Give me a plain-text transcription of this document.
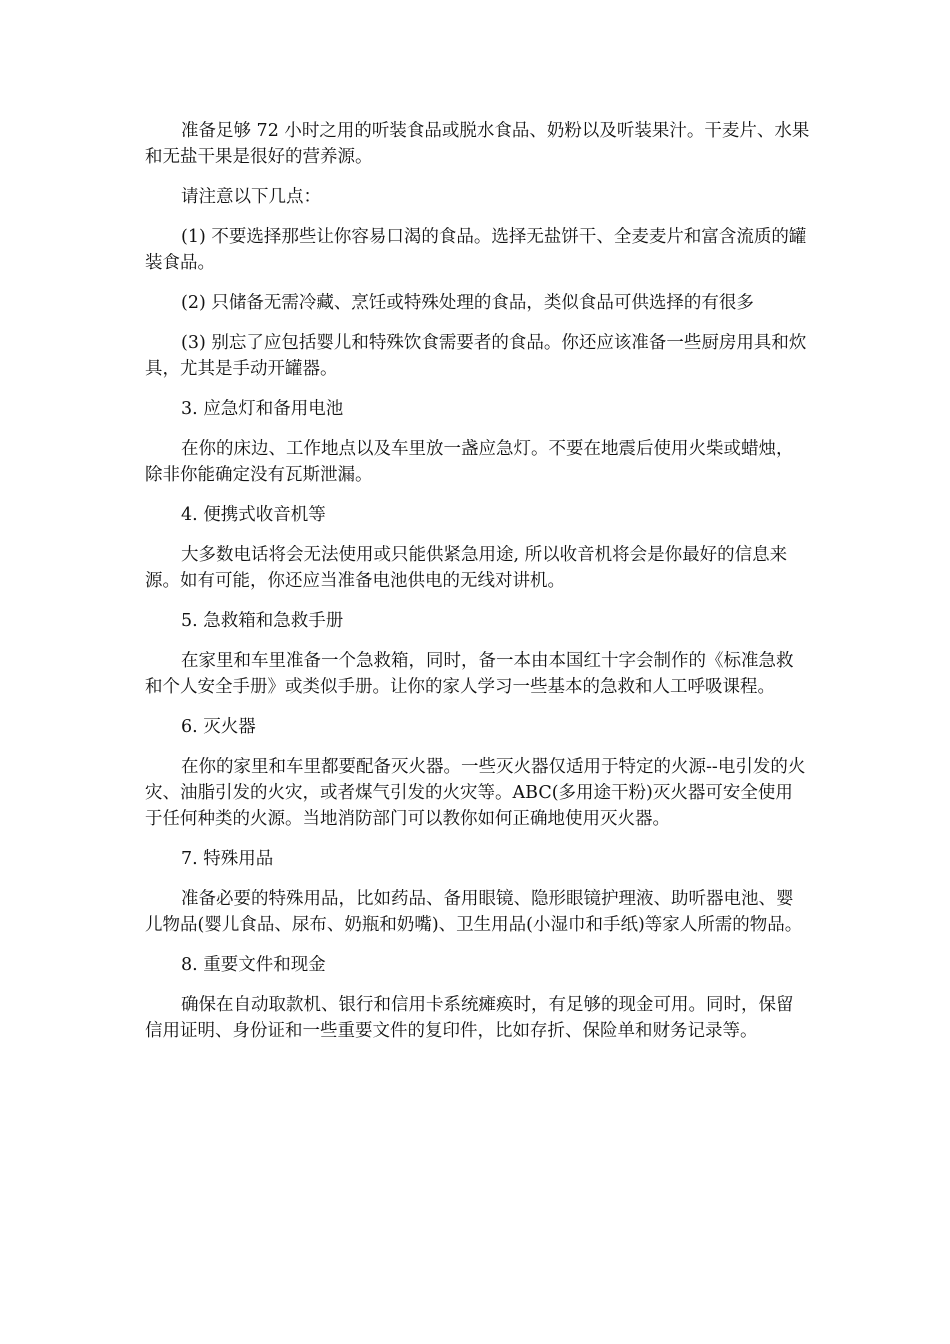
准备足够 72 小时之用的听装食品或脱水食品、奶粉以及听装果汁。干麦片、水果和无盐干果是很好的营养源。

请注意以下几点：

(1) 不要选择那些让你容易口渴的食品。选择无盐饼干、全麦麦片和富含流质的罐装食品。

(2) 只储备无需冷藏、烹饪或特殊处理的食品，类似食品可供选择的有很多

(3) 别忘了应包括婴儿和特殊饮食需要者的食品。你还应该准备一些厨房用具和炊具，尤其是手动开罐器。

3. 应急灯和备用电池

在你的床边、工作地点以及车里放一盏应急灯。不要在地震后使用火柴或蜡烛，除非你能确定没有瓦斯泄漏。

4. 便携式收音机等

大多数电话将会无法使用或只能供紧急用途, 所以收音机将会是你最好的信息来源。如有可能，你还应当准备电池供电的无线对讲机。

5. 急救箱和急救手册

在家里和车里准备一个急救箱，同时，备一本由本国红十字会制作的《标准急救和个人安全手册》或类似手册。让你的家人学习一些基本的急救和人工呼吸课程。

6. 灭火器

在你的家里和车里都要配备灭火器。一些灭火器仅适用于特定的火源--电引发的火灾、油脂引发的火灾，或者煤气引发的火灾等。ABC(多用途干粉)灭火器可安全使用于任何种类的火源。当地消防部门可以教你如何正确地使用灭火器。

7. 特殊用品

准备必要的特殊用品，比如药品、备用眼镜、隐形眼镜护理液、助听器电池、婴儿物品(婴儿食品、尿布、奶瓶和奶嘴)、卫生用品(小湿巾和手纸)等家人所需的物品。

8. 重要文件和现金

确保在自动取款机、银行和信用卡系统瘫痪时，有足够的现金可用。同时，保留信用证明、身份证和一些重要文件的复印件，比如存折、保险单和财务记录等。
